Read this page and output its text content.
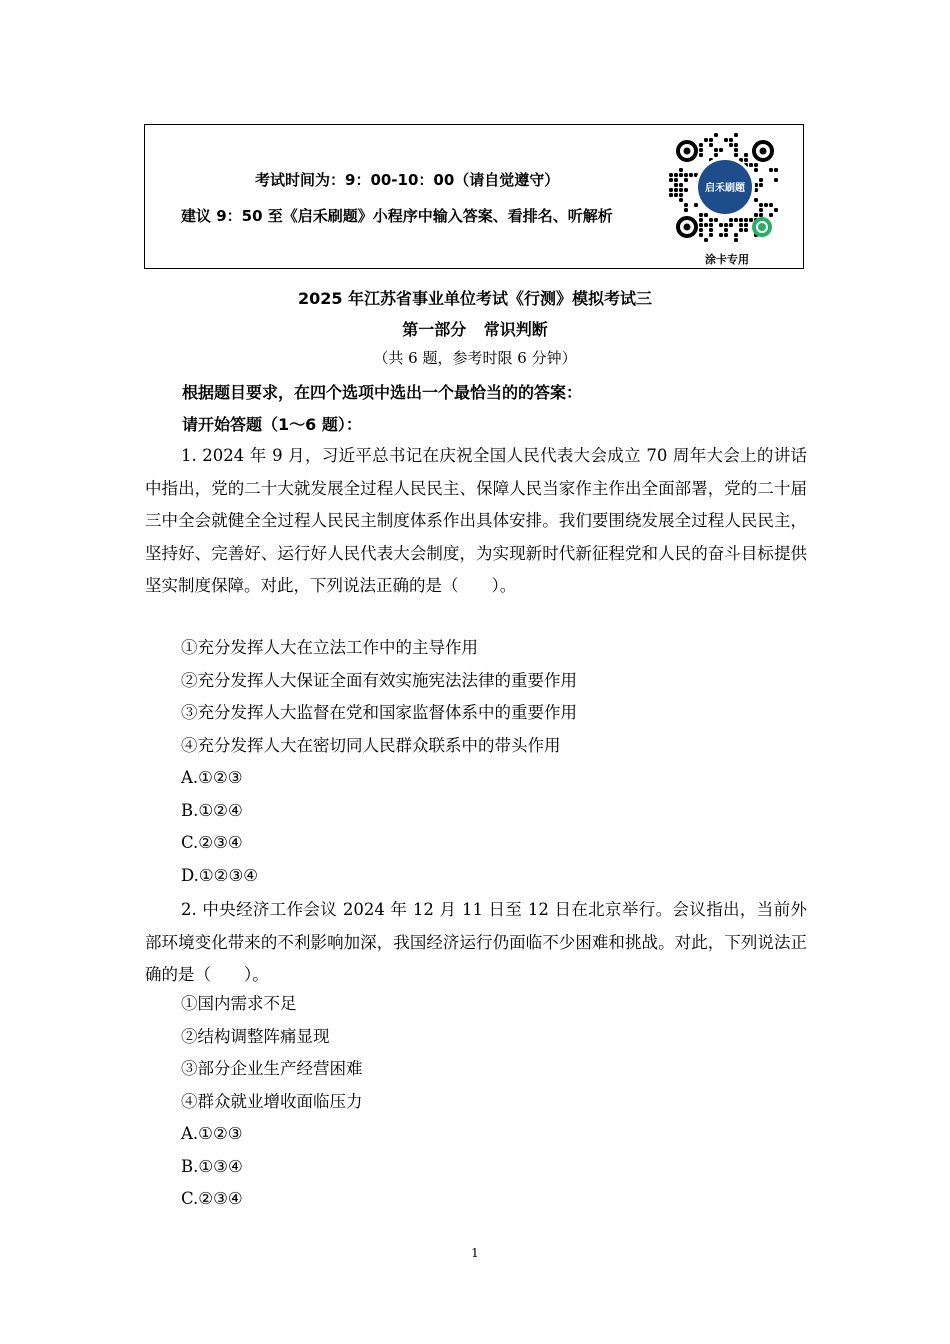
考试时间为：9：00-10：00（请自觉遵守）
建议 9：50 至《启禾刷题》小程序中输入答案、看排名、听解析
启禾刷题
涂卡专用
2025 年江苏省事业单位考试《行测》模拟考试三
第一部分 常识判断
（共 6 题，参考时限 6 分钟）
根据题目要求，在四个选项中选出一个最恰当的的答案：
请开始答题（1～6 题）：
1. 2024 年 9 月，习近平总书记在庆祝全国人民代表大会成立 70 周年大会上的讲话中指出，党的二十大就发展全过程人民民主、保障人民当家作主作出全面部署，党的二十届三中全会就健全全过程人民民主制度体系作出具体安排。我们要围绕发展全过程人民民主，坚持好、完善好、运行好人民代表大会制度，为实现新时代新征程党和人民的奋斗目标提供坚实制度保障。对此，下列说法正确的是（　　）。
①充分发挥人大在立法工作中的主导作用
②充分发挥人大保证全面有效实施宪法法律的重要作用
③充分发挥人大监督在党和国家监督体系中的重要作用
④充分发挥人大在密切同人民群众联系中的带头作用
A.①②③
B.①②④
C.②③④
D.①②③④
2. 中央经济工作会议 2024 年 12 月 11 日至 12 日在北京举行。会议指出，当前外部环境变化带来的不利影响加深，我国经济运行仍面临不少困难和挑战。对此，下列说法正确的是（　　）。
①国内需求不足
②结构调整阵痛显现
③部分企业生产经营困难
④群众就业增收面临压力
A.①②③
B.①③④
C.②③④
1
